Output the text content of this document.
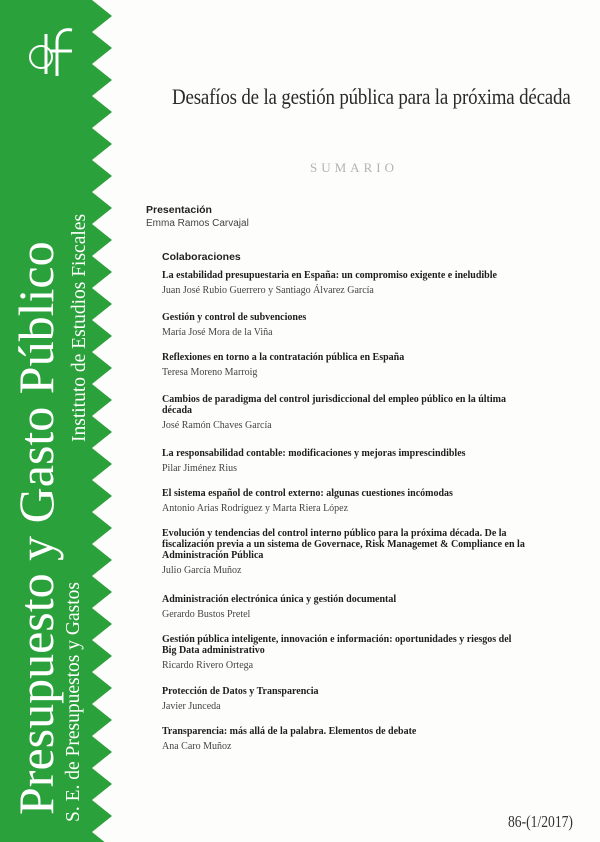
Presupuesto y Gasto Público S. E. de Presupuestos y Gastos
Instituto de Estudios Fiscales
Desafíos de la gestión pública para la próxima década
SUMARIO
Presentación
Emma Ramos Carvajal
Colaboraciones
La estabilidad presupuestaria en España: un compromiso exigente e ineludible
Juan José Rubio Guerrero y Santiago Álvarez García
Gestión y control de subvenciones
María José Mora de la Viña
Reflexiones en torno a la contratación pública en España
Teresa Moreno Marroig
Cambios de paradigma del control jurisdiccional del empleo público en la última década
José Ramón Chaves García
La responsabilidad contable: modificaciones y mejoras imprescindibles
Pilar Jiménez Rius
El sistema español de control externo: algunas cuestiones incómodas
Antonio Arias Rodríguez y Marta Riera López
Evolución y tendencias del control interno público para la próxima década. De la fiscalización previa a un sistema de Governace, Risk Managemet & Compliance en la Administración Pública
Julio García Muñoz
Administración electrónica única y gestión documental
Gerardo Bustos Pretel
Gestión pública inteligente, innovación e información: oportunidades y riesgos del Big Data administrativo
Ricardo Rivero Ortega
Protección de Datos y Transparencia
Javier Junceda
Transparencia: más allá de la palabra. Elementos de debate
Ana Caro Muñoz
86-(1/2017)
